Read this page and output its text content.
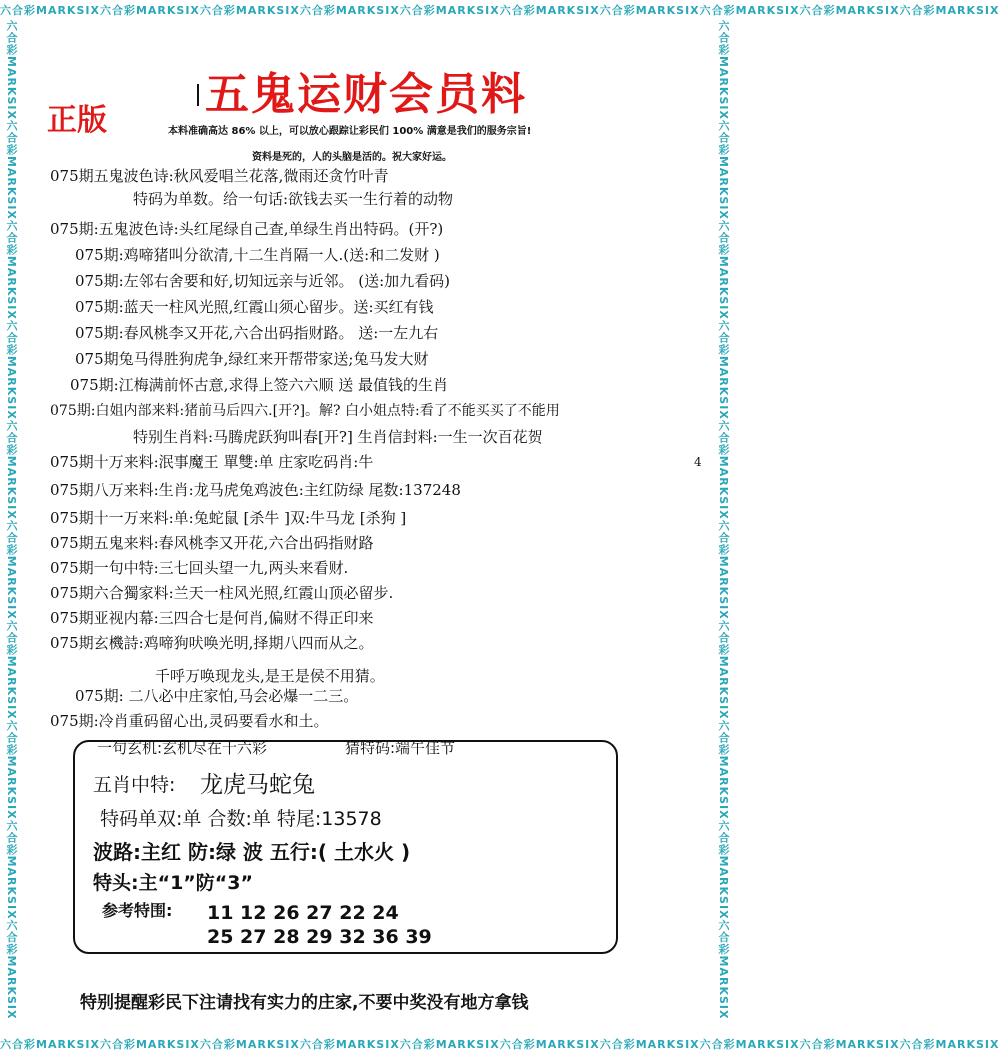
六合彩MARKSIX六合彩MARKSIX六合彩MARKSIX六合彩MARKSIX六合彩MARKSIX六合彩MARKSIX六合彩MARKSIX六合彩MARKSIX六合彩MARKSIX六合彩MARKSIX
六合彩MARKSIX六合彩MARKSIX六合彩MARKSIX六合彩MARKSIX六合彩MARKSIX六合彩MARKSIX六合彩MARKSIX六合彩MARKSIX六合彩MARKSIX六合彩MARKSIX
六合彩MARKSIX六合彩MARKSIX六合彩MARKSIX六合彩MARKSIX六合彩MARKSIX六合彩MARKSIX六合彩MARKSIX六合彩MARKSIX六合彩MARKSIX六合彩MARKSIX	六合彩MARKSIX六合彩MARKSIX六合彩MARKSIX六合彩MARKSIX六合彩MARKSIX六合彩MARKSIX六合彩MARKSIX六合彩MARKSIX六合彩MARKSIX六合彩MARKSIX
五鬼运财会员料
正版	本料准确高达 86% 以上，可以放心跟踪让彩民们 100% 满意是我们的服务宗旨!
资料是死的，人的头脑是活的。祝大家好运。
075期五鬼波色诗:秋风爱唱兰花落,微雨还贪竹叶青
特码为单数。给一句话:欲钱去买一生行着的动物
075期:五鬼波色诗:头红尾绿自己查,单绿生肖出特码。(开?)
075期:鸡啼猪叫分欲清,十二生肖隔一人.(送:和二发财 )
075期:左邻右舍要和好,切知远亲与近邻。 (送:加九看码)
075期:蓝天一柱风光照,红霞山须心留步。送:买红有钱
075期:春风桃李又开花,六合出码指财路。 送:一左九右
075期兔马得胜狗虎争,绿红来开帮带家送;兔马发大财
075期:江梅满前怀古意,求得上签六六顺 送 最值钱的生肖
075期:白姐内部来料:猪前马后四六.[开?]。解? 白小姐点特:看了不能买买了不能用
特别生肖料:马腾虎跃狗叫春[开?] 生肖信封料:一生一次百花贺
075期十万来料:泯事魔王 單雙:单 庄家吃码肖:牛
075期八万来料:生肖:龙马虎兔鸡波色:主红防绿 尾数:137248
075期十一万来料:单:兔蛇鼠 [杀牛 ]双:牛马龙 [杀狗 ]
075期五鬼来料:春风桃李又开花,六合出码指财路
075期一句中特:三七回头望一九,两头来看财.
075期六合獨家料:兰天一柱风光照,红霞山顶必留步.
075期亚视内幕:三四合七是何肖,偏财不得正印来
075期玄機詩:鸡啼狗吠唤光明,择期八四而从之。
千呼万唤现龙头,是王是侯不用猜。
075期: 二八必中庄家怕,马会必爆一二三。
075期:冷肖重码留心出,灵码要看水和土。
4
一句玄机:玄机尽在十六彩	猜特码:端午佳节
五肖中特: 龙虎马蛇兔
特码单双:单 合数:单 特尾:13578
波路:主红 防:绿 波 五行:( 土水火 )
特头:主“1”防“3”
参考特围: 11 12 26 27 22 24
25 27 28 29 32 36 39
特别提醒彩民下注请找有实力的庄家,不要中奖没有地方拿钱
